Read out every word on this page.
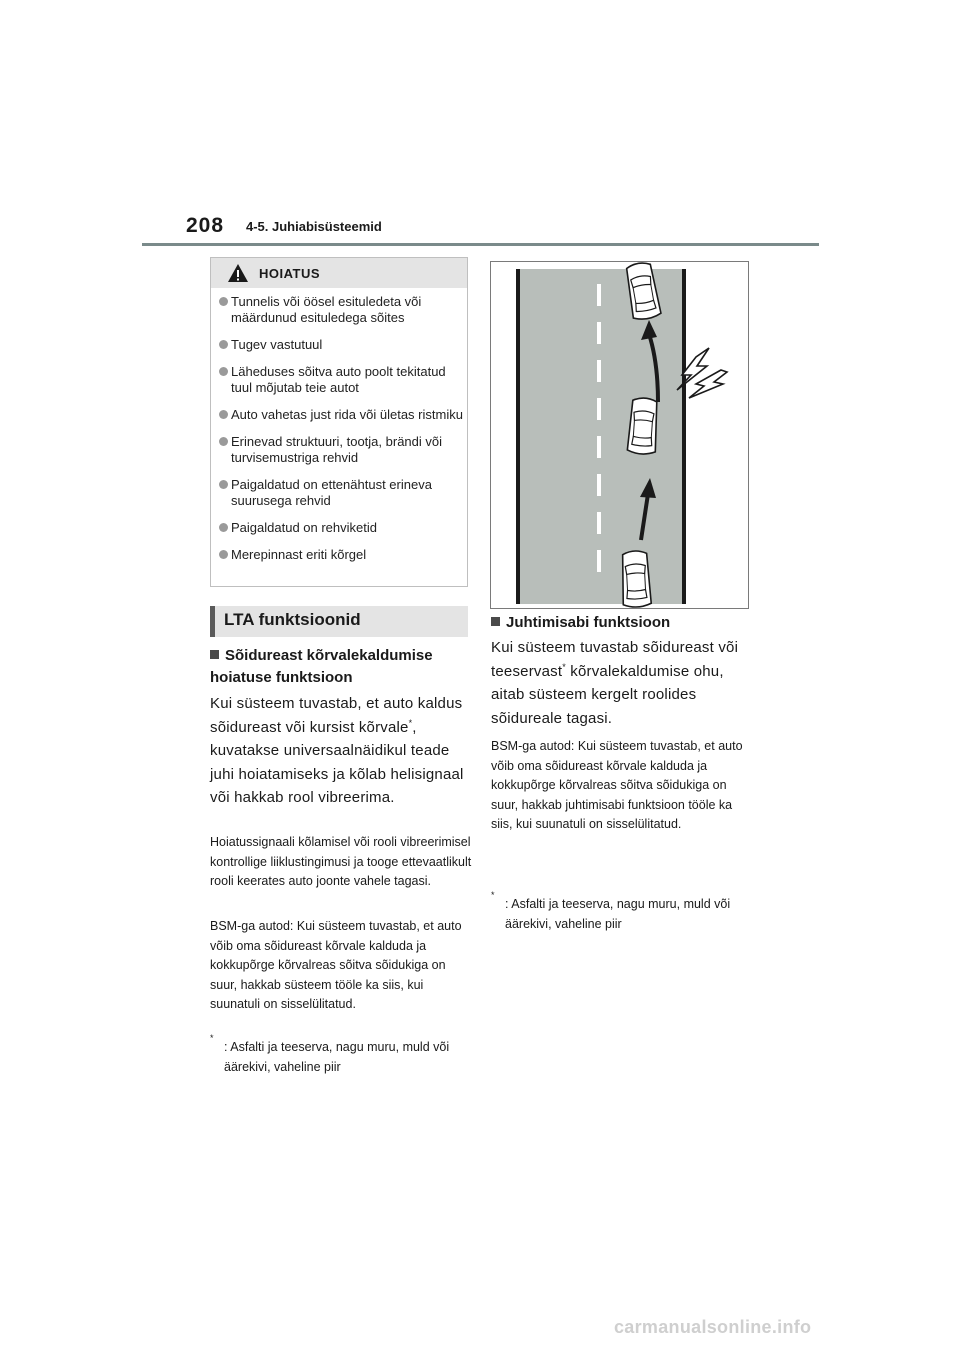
208 4-5. Juhiabisüsteemid
HOIATUS
Tunnelis või öösel esituledeta või määrdunud esituledega sõites
Tugev vastutuul
Läheduses sõitva auto poolt tekitatud tuul mõjutab teie autot
Auto vahetas just rida või ületas ristmiku
Erinevad struktuuri, tootja, brändi või turvisemustriga rehvid
Paigaldatud on ettenähtust erineva suurusega rehvid
Paigaldatud on rehviketid
Merepinnast eriti kõrgel
LTA funktsioonid
Sõidureast kõrvalekaldumise hoiatuse funktsioon
Kui süsteem tuvastab, et auto kaldus sõidureast või kursist kõrvale*, kuvatakse universaalnäidikul teade juhi hoiatamiseks ja kõlab helisignaal või hakkab rool vibreerima.
Hoiatussignaali kõlamisel või rooli vibreerimisel kontrollige liiklustingimusi ja tooge ettevaatlikult rooli keerates auto joonte vahele tagasi.
BSM-ga autod: Kui süsteem tuvastab, et auto võib oma sõidureast kõrvale kalduda ja kokkupõrge kõrvalreas sõitva sõidukiga on suur, hakkab süsteem tööle ka siis, kui suunatuli on sisselülitatud.
*
: Asfalti ja teeserva, nagu muru, muld või äärekivi, vaheline piir
Juhtimisabi funktsioon
Kui süsteem tuvastab sõidureast või teeservast* kõrvalekaldumise ohu, aitab süsteem kergelt roolides sõidureale tagasi.
BSM-ga autod: Kui süsteem tuvastab, et auto võib oma sõidureast kõrvale kalduda ja kokkupõrge kõrvalreas sõitva sõidukiga on suur, hakkab juhtimisabi funktsioon tööle ka siis, kui suunatuli on sisselülitatud.
*
: Asfalti ja teeserva, nagu muru, muld või äärekivi, vaheline piir
carmanualsonline.info
